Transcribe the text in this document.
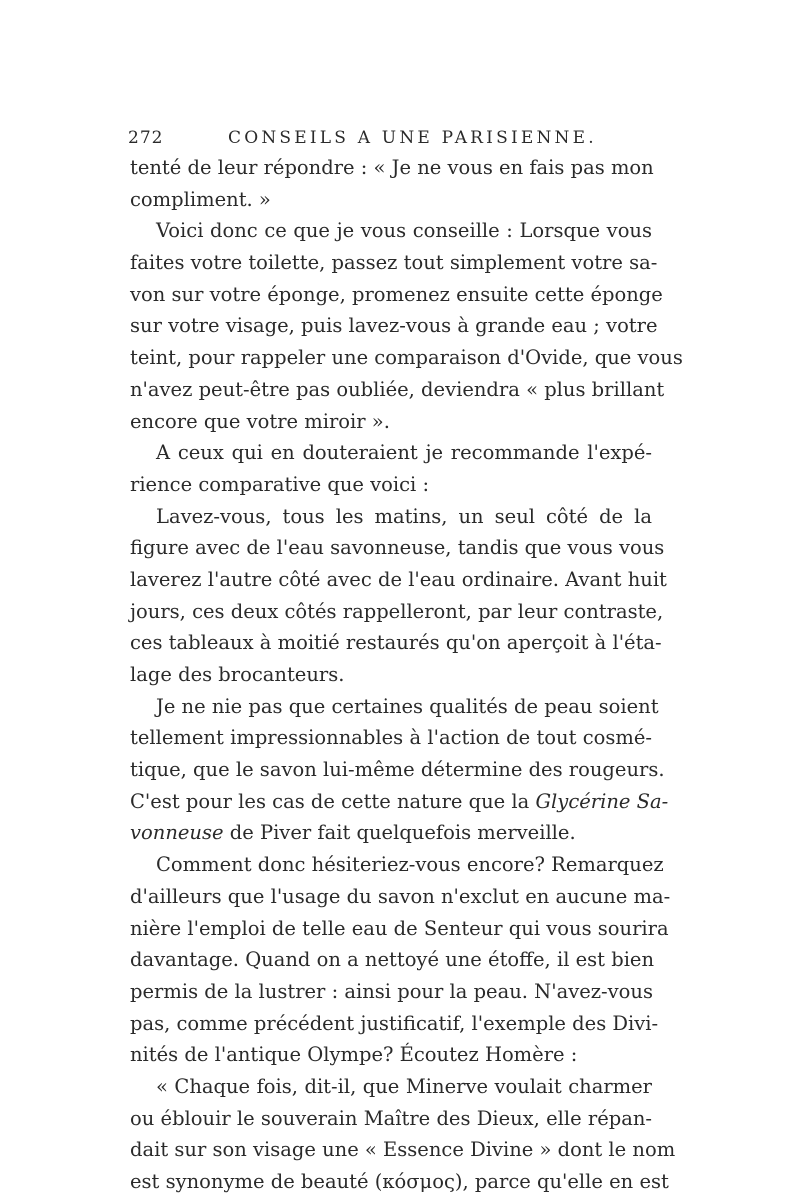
272	CONSEILS A UNE PARISIENNE.
tenté de leur répondre : « Je ne vous en fais pas mon
compliment. »
Voici donc ce que je vous conseille : Lorsque vous
faites votre toilette, passez tout simplement votre sa-
von sur votre éponge, promenez ensuite cette éponge
sur votre visage, puis lavez-vous à grande eau ; votre
teint, pour rappeler une comparaison d'Ovide, que vous
n'avez peut-être pas oubliée, deviendra « plus brillant
encore que votre miroir ».
A ceux qui en douteraient je recommande l'expé-
rience comparative que voici :
Lavez-vous, tous les matins, un seul côté de la
figure avec de l'eau savonneuse, tandis que vous vous
laverez l'autre côté avec de l'eau ordinaire. Avant huit
jours, ces deux côtés rappelleront, par leur contraste,
ces tableaux à moitié restaurés qu'on aperçoit à l'éta-
lage des brocanteurs.
Je ne nie pas que certaines qualités de peau soient
tellement impressionnables à l'action de tout cosmé-
tique, que le savon lui-même détermine des rougeurs.
C'est pour les cas de cette nature que la Glycérine Sa-
vonneuse de Piver fait quelquefois merveille.
Comment donc hésiteriez-vous encore? Remarquez
d'ailleurs que l'usage du savon n'exclut en aucune ma-
nière l'emploi de telle eau de Senteur qui vous sourira
davantage. Quand on a nettoyé une étoffe, il est bien
permis de la lustrer : ainsi pour la peau. N'avez-vous
pas, comme précédent justificatif, l'exemple des Divi-
nités de l'antique Olympe? Écoutez Homère :
« Chaque fois, dit-il, que Minerve voulait charmer
ou éblouir le souverain Maître des Dieux, elle répan-
dait sur son visage une « Essence Divine » dont le nom
est synonyme de beauté (κόσμος), parce qu'elle en est
